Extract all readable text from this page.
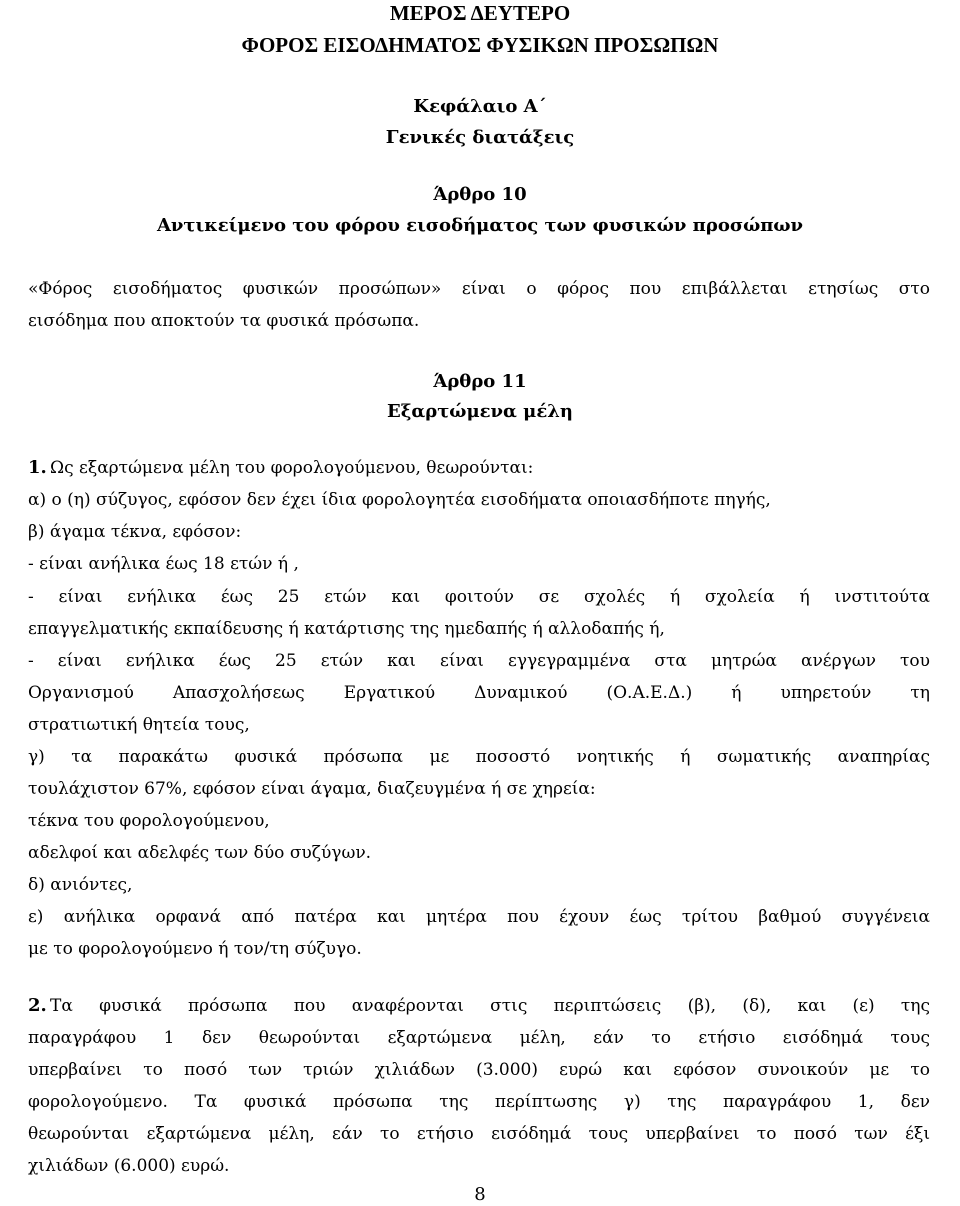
ΜΕΡΟΣ ΔΕΥΤΕΡΟ
ΦΟΡΟΣ ΕΙΣΟΔΗΜΑΤΟΣ ΦΥΣΙΚΩΝ ΠΡΟΣΩΠΩΝ
Κεφάλαιο Α΄
Γενικές διατάξεις
Άρθρο 10
Αντικείμενο του φόρου εισοδήματος των φυσικών προσώπων
«Φόρος εισοδήματος φυσικών προσώπων» είναι ο φόρος που επιβάλλεται ετησίως στο
εισόδημα που αποκτούν τα φυσικά πρόσωπα.
Άρθρο 11
Εξαρτώμενα μέλη
1. Ως εξαρτώμενα μέλη του φορολογούμενου, θεωρούνται:
α) ο (η) σύζυγος, εφόσον δεν έχει ίδια φορολογητέα εισοδήματα οποιασδήποτε πηγής,
β) άγαμα τέκνα, εφόσον:
- είναι ανήλικα έως 18 ετών ή ,
- είναι ενήλικα έως 25 ετών και φοιτούν σε σχολές ή σχολεία ή ινστιτούτα
επαγγελματικής εκπαίδευσης ή κατάρτισης της ημεδαπής ή αλλοδαπής ή,
- είναι ενήλικα έως 25 ετών και είναι εγγεγραμμένα στα μητρώα ανέργων του
Οργανισμού Απασχολήσεως Εργατικού Δυναμικού (Ο.Α.Ε.Δ.) ή υπηρετούν τη
στρατιωτική θητεία τους,
γ) τα παρακάτω φυσικά πρόσωπα με ποσοστό νοητικής ή σωματικής αναπηρίας
τουλάχιστον 67%, εφόσον είναι άγαμα, διαζευγμένα ή σε χηρεία:
τέκνα του φορολογούμενου,
αδελφοί και αδελφές των δύο συζύγων.
δ) ανιόντες,
ε) ανήλικα ορφανά από πατέρα και μητέρα που έχουν έως τρίτου βαθμού συγγένεια
με το φορολογούμενο ή τον/τη σύζυγο.
2. Τα φυσικά πρόσωπα που αναφέρονται στις περιπτώσεις (β), (δ), και (ε) της
παραγράφου 1 δεν θεωρούνται εξαρτώμενα μέλη, εάν το ετήσιο εισόδημά τους
υπερβαίνει το ποσό των τριών χιλιάδων (3.000) ευρώ και εφόσον συνοικούν με το
φορολογούμενο. Τα φυσικά πρόσωπα της περίπτωσης γ) της παραγράφου 1, δεν
θεωρούνται εξαρτώμενα μέλη, εάν το ετήσιο εισόδημά τους υπερβαίνει το ποσό των έξι
χιλιάδων (6.000) ευρώ.
8
